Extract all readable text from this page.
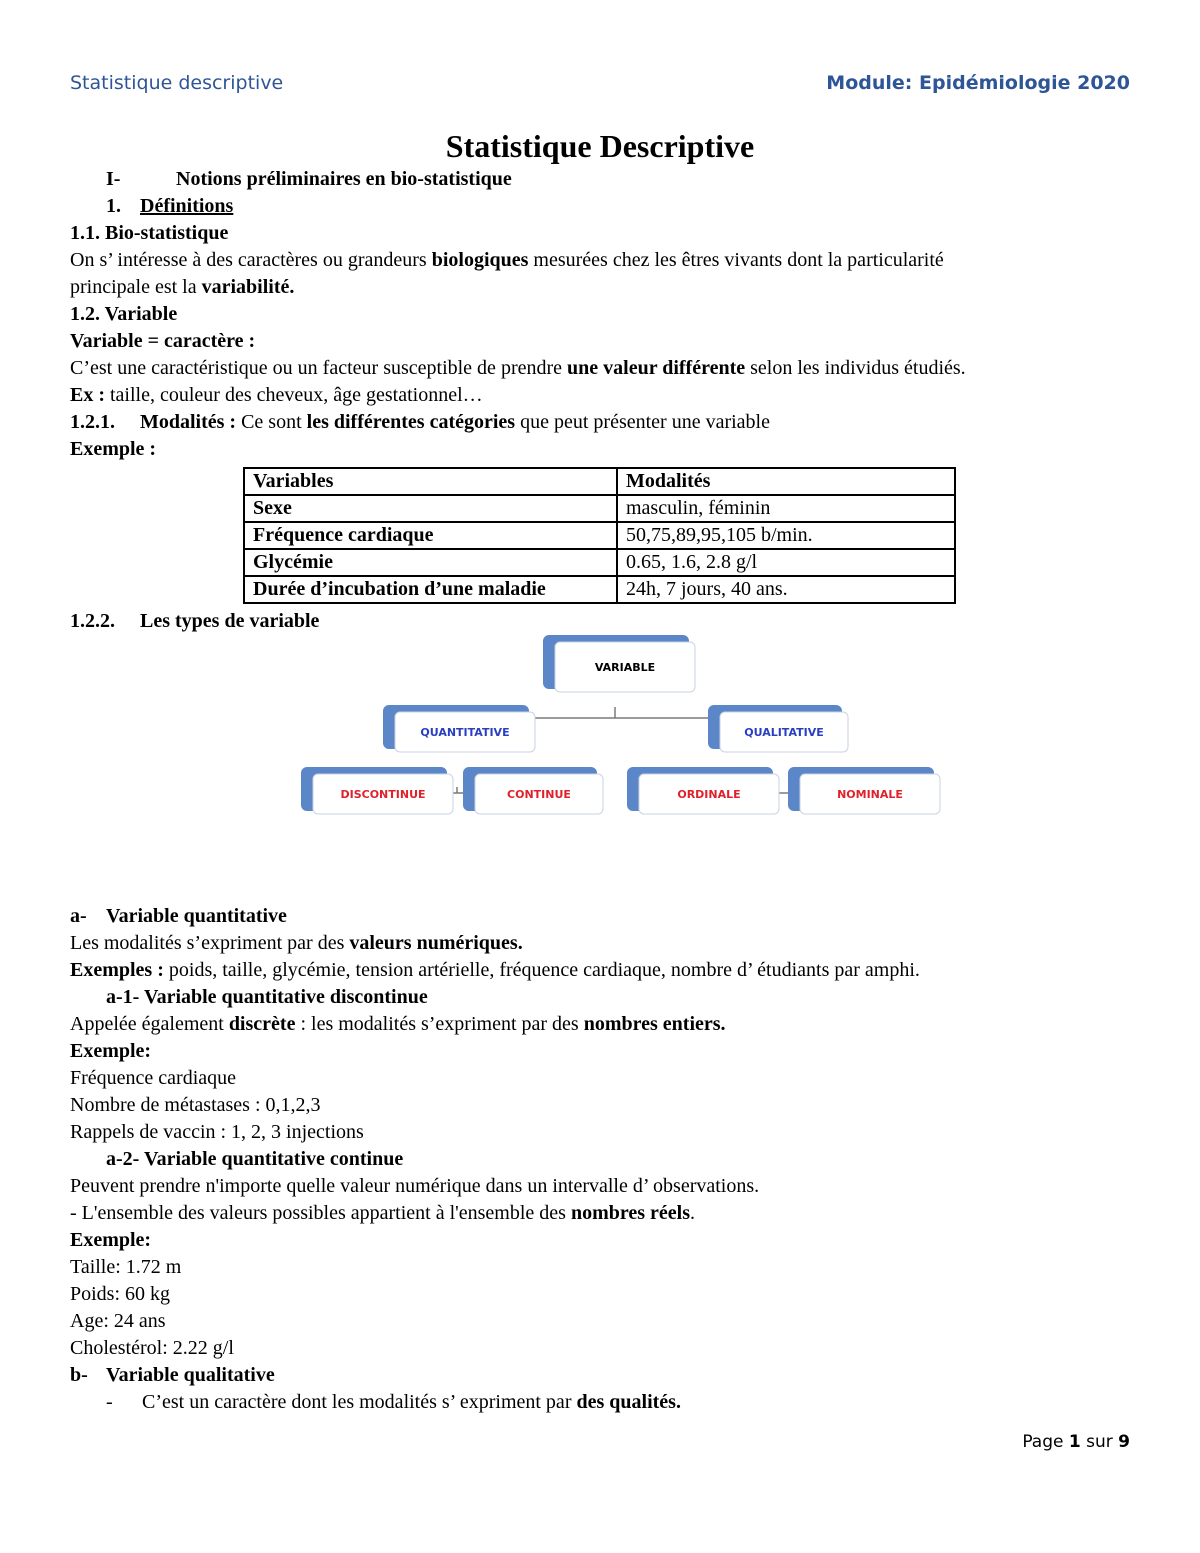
Statistique descriptive	Module: Epidémiologie 2020
Statistique Descriptive
I-	Notions préliminaires en bio-statistique
1. Définitions
1.1. Bio-statistique
On s’ intéresse à des caractères ou grandeurs biologiques mesurées chez les êtres vivants dont la particularité
principale est la variabilité.
1.2. Variable
Variable = caractère :
C’est une caractéristique ou un facteur susceptible de prendre une valeur différente selon les individus étudiés.
Ex : taille, couleur des cheveux, âge gestationnel…
1.2.1. Modalités : Ce sont les différentes catégories que peut présenter une variable
Exemple :
Variables	Modalités
Sexe	masculin, féminin
Fréquence cardiaque	50,75,89,95,105 b/min.
Glycémie	0.65, 1.6, 2.8 g/l
Durée d’incubation d’une maladie	24h, 7 jours, 40 ans.
1.2.2. Les types de variable
VARIABLE
QUANTITATIVE	QUALITATIVE
DISCONTINUE	CONTINUE	ORDINALE	NOMINALE
a- Variable quantitative
Les modalités s’expriment par des valeurs numériques.
Exemples : poids, taille, glycémie, tension artérielle, fréquence cardiaque, nombre d’ étudiants par amphi.
a-1- Variable quantitative discontinue
Appelée également discrète : les modalités s’expriment par des nombres entiers.
Exemple:
Fréquence cardiaque
Nombre de métastases : 0,1,2,3
Rappels de vaccin : 1, 2, 3 injections
a-2- Variable quantitative continue
Peuvent prendre n'importe quelle valeur numérique dans un intervalle d’ observations.
- L'ensemble des valeurs possibles appartient à l'ensemble des nombres réels.
Exemple:
Taille: 1.72 m
Poids: 60 kg
Age: 24 ans
Cholestérol: 2.22 g/l
b- Variable qualitative
- C’est un caractère dont les modalités s’ expriment par des qualités.
Page 1 sur 9
